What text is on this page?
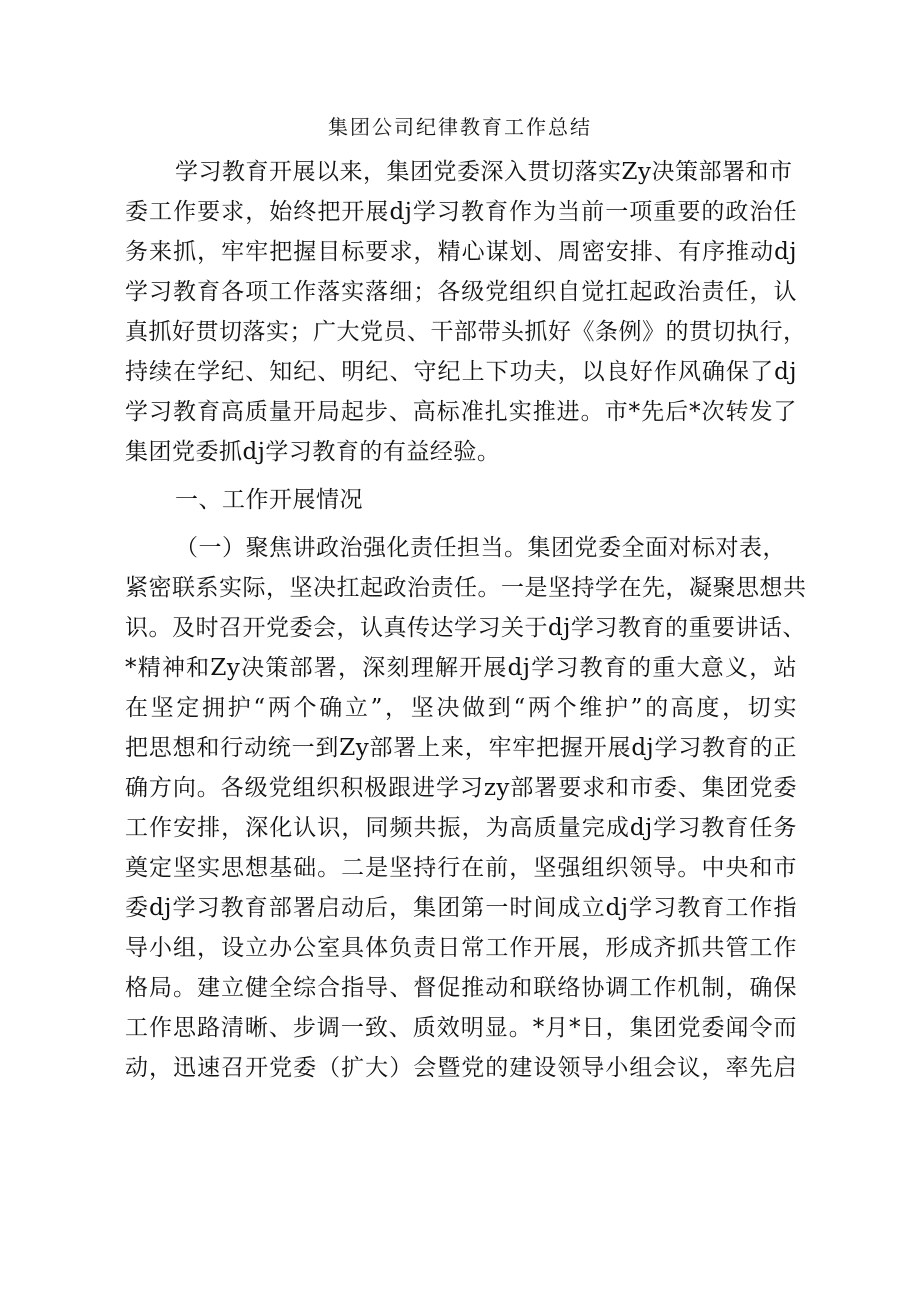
集团公司纪律教育工作总结
学习教育开展以来，集团党委深入贯切落实Zy决策部署和市
委工作要求，始终把开展dj学习教育作为当前一项重要的政治任
务来抓，牢牢把握目标要求，精心谋划、周密安排、有序推动dj
学习教育各项工作落实落细；各级党组织自觉扛起政治责任，认
真抓好贯切落实；广大党员、干部带头抓好《条例》的贯切执行，
持续在学纪、知纪、明纪、守纪上下功夫，以良好作风确保了dj
学习教育高质量开局起步、高标准扎实推进。市*先后*次转发了
集团党委抓dj学习教育的有益经验。
一、工作开展情况
（一）聚焦讲政治强化责任担当。集团党委全面对标对表，
紧密联系实际，坚决扛起政治责任。一是坚持学在先，凝聚思想共
识。及时召开党委会，认真传达学习关于dj学习教育的重要讲话、
*精神和Zy决策部署，深刻理解开展dj学习教育的重大意义，站
在坚定拥护“两个确立”，坚决做到“两个维护”的高度，切实
把思想和行动统一到Zy部署上来，牢牢把握开展dj学习教育的正
确方向。各级党组织积极跟进学习zy部署要求和市委、集团党委
工作安排，深化认识，同频共振，为高质量完成dj学习教育任务
奠定坚实思想基础。二是坚持行在前，坚强组织领导。中央和市
委dj学习教育部署启动后，集团第一时间成立dj学习教育工作指
导小组，设立办公室具体负责日常工作开展，形成齐抓共管工作
格局。建立健全综合指导、督促推动和联络协调工作机制，确保
工作思路清晰、步调一致、质效明显。*月*日，集团党委闻令而
动，迅速召开党委（扩大）会暨党的建设领导小组会议，率先启
